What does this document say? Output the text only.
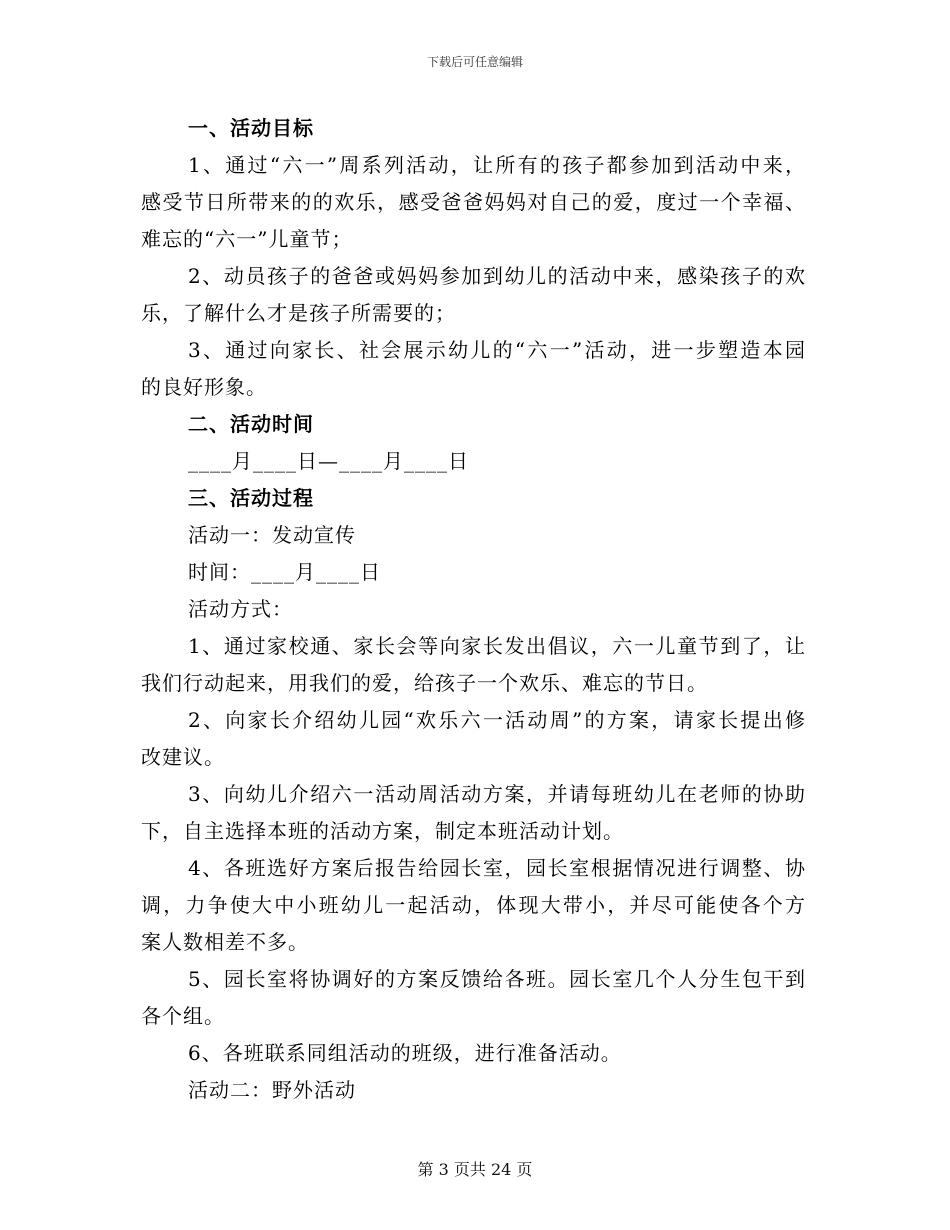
下载后可任意编辑
一、活动目标
1、通过“六一”周系列活动，让所有的孩子都参加到活动中来，
感受节日所带来的的欢乐，感受爸爸妈妈对自己的爱，度过一个幸福、
难忘的“六一”儿童节；
2、动员孩子的爸爸或妈妈参加到幼儿的活动中来，感染孩子的欢
乐，了解什么才是孩子所需要的；
3、通过向家长、社会展示幼儿的“六一”活动，进一步塑造本园
的良好形象。
二、活动时间
____月____日—____月____日
三、活动过程
活动一：发动宣传
时间：____月____日
活动方式：
1、通过家校通、家长会等向家长发出倡议，六一儿童节到了，让
我们行动起来，用我们的爱，给孩子一个欢乐、难忘的节日。
2、向家长介绍幼儿园“欢乐六一活动周”的方案，请家长提出修
改建议。
3、向幼儿介绍六一活动周活动方案，并请每班幼儿在老师的协助
下，自主选择本班的活动方案，制定本班活动计划。
4、各班选好方案后报告给园长室，园长室根据情况进行调整、协
调，力争使大中小班幼儿一起活动，体现大带小，并尽可能使各个方
案人数相差不多。
5、园长室将协调好的方案反馈给各班。园长室几个人分生包干到
各个组。
6、各班联系同组活动的班级，进行准备活动。
活动二：野外活动
第 3 页共 24 页
